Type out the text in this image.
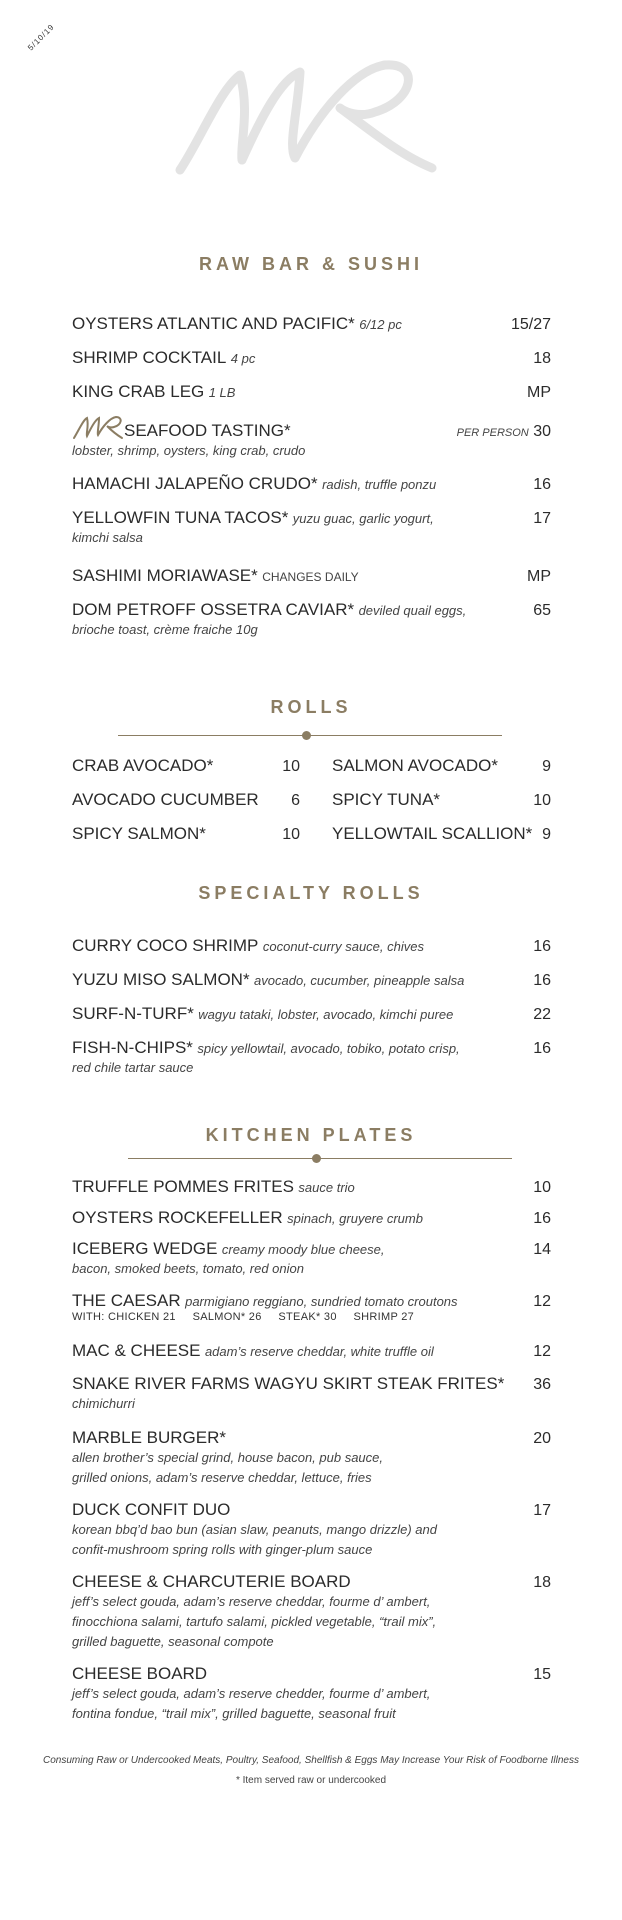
5/10/19
RAW BAR & SUSHI
OYSTERS ATLANTIC AND PACIFIC* 6/12 pc	15/27
SHRIMP COCKTAIL 4 pc	18
KING CRAB LEG 1 LB	MP
SEAFOOD TASTING*	PER PERSON 30
lobster, shrimp, oysters, king crab, crudo
HAMACHI JALAPEÑO CRUDO* radish, truffle ponzu	16
YELLOWFIN TUNA TACOS* yuzu guac, garlic yogurt,	17
kimchi salsa
SASHIMI MORIAWASE* CHANGES DAILY	MP
DOM PETROFF OSSETRA CAVIAR* deviled quail eggs,	65
brioche toast, crème fraiche 10g
ROLLS
CRAB AVOCADO*	10 SALMON AVOCADO*	9
AVOCADO CUCUMBER 6 SPICY TUNA*	10
SPICY SALMON*	10 YELLOWTAIL SCALLION* 9
SPECIALTY ROLLS
CURRY COCO SHRIMP coconut-curry sauce, chives	16
YUZU MISO SALMON* avocado, cucumber, pineapple salsa	16
SURF-N-TURF* wagyu tataki, lobster, avocado, kimchi puree	22
FISH-N-CHIPS* spicy yellowtail, avocado, tobiko, potato crisp,	16
red chile tartar sauce
KITCHEN PLATES
TRUFFLE POMMES FRITES sauce trio	10
OYSTERS ROCKEFELLER spinach, gruyere crumb	16
ICEBERG WEDGE creamy moody blue cheese,	14
bacon, smoked beets, tomato, red onion
THE CAESAR parmigiano reggiano, sundried tomato croutons	12
WITH: CHICKEN 21     SALMON* 26     STEAK* 30     SHRIMP 27
MAC & CHEESE adam’s reserve cheddar, white truffle oil	12
SNAKE RIVER FARMS WAGYU SKIRT STEAK FRITES* 36
chimichurri
MARBLE BURGER*	20
allen brother’s special grind, house bacon, pub sauce,
grilled onions, adam’s reserve cheddar, lettuce, fries
DUCK CONFIT DUO	17
korean bbq’d bao bun (asian slaw, peanuts, mango drizzle) and
confit-mushroom spring rolls with ginger-plum sauce
CHEESE & CHARCUTERIE BOARD	18
jeff’s select gouda, adam’s reserve cheddar, fourme d’ ambert,
finocchiona salami, tartufo salami, pickled vegetable, “trail mix”,
grilled baguette, seasonal compote
CHEESE BOARD	15
jeff’s select gouda, adam’s reserve chedder, fourme d’ ambert,
fontina fondue, “trail mix”, grilled baguette, seasonal fruit
Consuming Raw or Undercooked Meats, Poultry, Seafood, Shellfish & Eggs May Increase Your Risk of Foodborne Illness
* Item served raw or undercooked
